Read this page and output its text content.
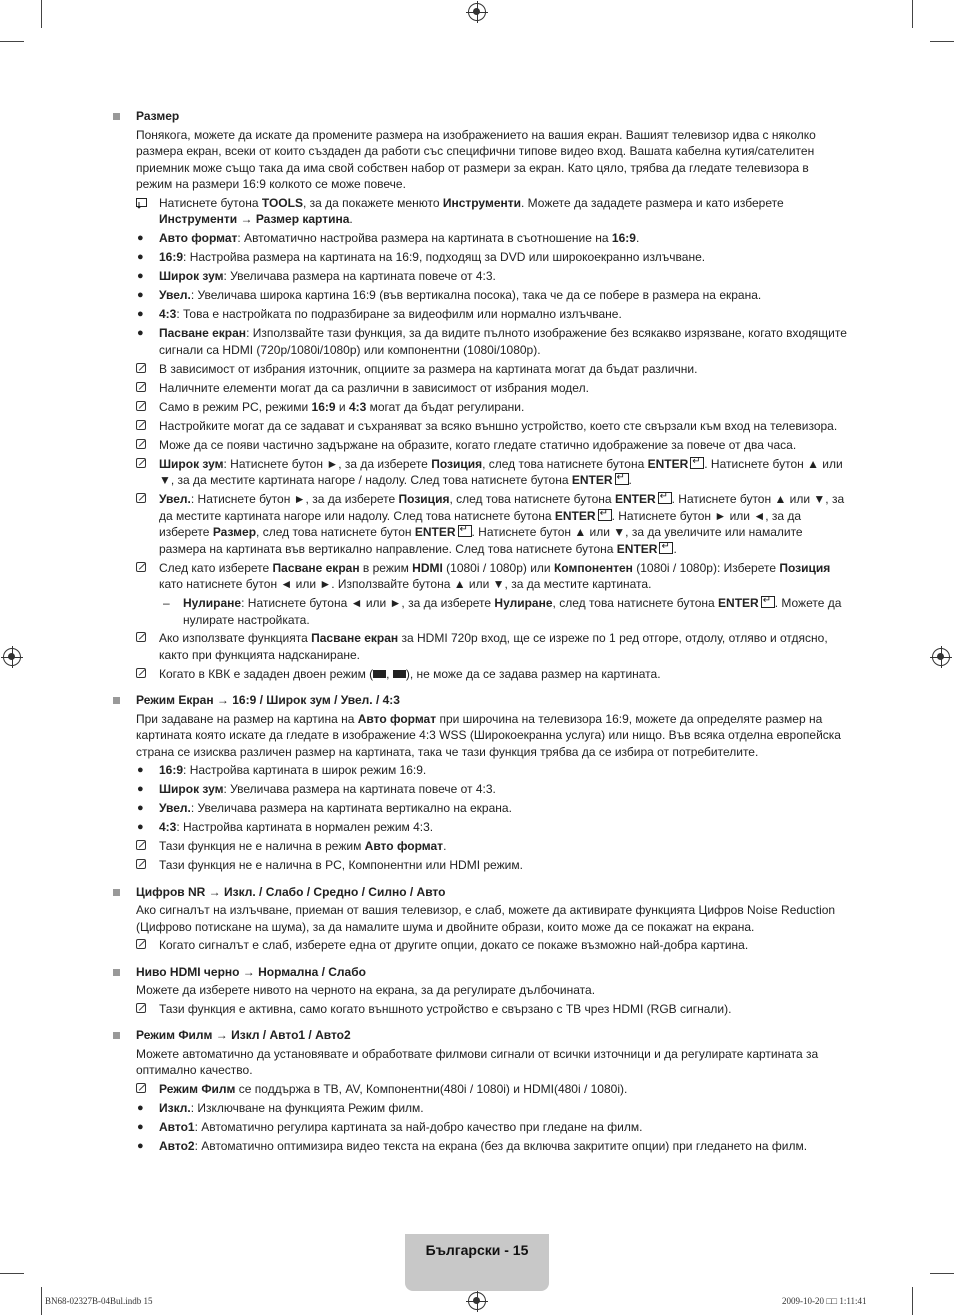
Размер
Понякога, можете да искате да промените размера на изображението на вашия екран. Вашият телевизор идва с няколко размера екран, всеки от които създаден да работи със специфични типове видео вход. Вашата кабелна кутия/сателитен приемник може също така да има свой собствен набор от размери за екран. Като цяло, трябва да гледате телевизора в режим на размери 16:9 колкото се може повече.
Натиснете бутона TOOLS, за да покажете менюто Инструменти. Можете да зададете размера и като изберете Инструменти → Размер картина.
● Авто формат: Автоматично настройва размера на картината в съотношение на 16:9.
● 16:9: Настройва размера на картината на 16:9, подходящ за DVD или широкоекранно излъчване.
● Широк зум: Увеличава размера на картината повече от 4:3.
● Увел.: Увеличава широка картина 16:9 (във вертикална посока), така че да се побере в размера на екрана.
● 4:3: Това е настройката по подразбиране за видеофилм или нормално излъчване.
● Пасване екран: Използвайте тази функция, за да видите пълното изображение без всякакво изрязване, когато входящите сигнали са HDMI (720p/1080i/1080p) или компонентни (1080i/1080p).
В зависимост от избрания източник, опциите за размера на картината могат да бъдат различни.
Наличните елементи могат да са различни в зависимост от избрания модел.
Само в режим PC, режими 16:9 и 4:3 могат да бъдат регулирани.
Настройките могат да се задават и съхраняват за всяко външно устройство, което сте свързали към вход на телевизора.
Може да се появи частично задържане на образите, когато гледате статично идображение за повече от два часа.
Широк зум: Натиснете бутон ►, за да изберете Позиция, след това натиснете бутона ENTER ↵ . Натиснете бутон ▲ или ▼, за да местите картината нагоре / надолу. След това натиснете бутона ENTER ↵ .
Увел.: Натиснете бутон ►, за да изберете Позиция, след това натиснете бутона ENTER ↵ . Натиснете бутон ▲ или ▼, за да местите картината нагоре или надолу. След това натиснете бутона ENTER ↵ . Натиснете бутон ► или ◄, за да изберете Размер, след това натиснете бутон ENTER ↵ . Натиснете бутон ▲ или ▼, за да увеличите или намалите размера на картината във вертикално направление. След това натиснете бутона ENTER ↵ .
След като изберете Пасване екран в режим HDMI (1080i / 1080p) или Компонентен (1080i / 1080p): Изберете Позиция като натиснете бутон ◄ или ►. Използвайте бутона ▲ или ▼, за да местите картината.
– Нулиране: Натиснете бутона ◄ или ►, за да изберете Нулиране, след това натиснете бутона ENTER ↵ . Можете да нулирате настройката.
Ако използвате функцията Пасване екран за HDMI 720p вход, ще се изреже по 1 ред отгоре, отдолу, отляво и отдясно, както при функцията надсканиране.
Когато в КВК е зададен двоен режим ( , ), не може да се задава размер на картината.
Режим Екран → 16:9 / Широк зум / Увел. / 4:3
При задаване на размер на картина на Авто формат при широчина на телевизора 16:9, можете да определяте размер на картината която искате да гледате в изображение 4:3 WSS (Широкоекранна услуга) или нищо. Във всяка отделна европейска страна се изисква различен размер на картината, така че тази функция трябва да се избира от потребителите.
● 16:9: Настройва картината в широк режим 16:9.
● Широк зум: Увеличава размера на картината повече от 4:3.
● Увел.: Увеличава размера на картината вертикално на екрана.
● 4:3: Настройва картината в нормален режим 4:3.
Тази функция не е налична в режим Авто формат.
Тази функция не е налична в PC, Компонентни или HDMI режим.
Цифров NR → Изкл. / Слабо / Средно / Силно / Авто
Ако сигналът на излъчване, приеман от вашия телевизор, е слаб, можете да активирате функцията Цифров Noise Reduction (Цифрово потискане на шума), за да намалите шума и двойните образи, които може да се покажат на екрана.
Когато сигналът е слаб, изберете една от другите опции, докато се покаже възможно най-добра картина.
Ниво HDMI черно → Нормална / Слабо
Можете да изберете нивото на черното на екрана, за да регулирате дълбочината.
Тази функция е активна, само когато външното устройство е свързано с ТВ чрез HDMI (RGB сигнали).
Режим Филм → Изкл / Авто1 / Авто2
Можете автоматично да установявате и обработвате филмови сигнали от всички източници и да регулирате картината за оптимално качество.
Режим Филм се поддържа в ТВ, AV, Компонентни(480i / 1080i) и HDMI(480i / 1080i).
● Изкл.: Изключване на функцията Режим филм.
● Авто1: Автоматично регулира картината за най-добро качество при гледане на филм.
● Авто2: Автоматично оптимизира видео текста на екрана (без да включва закритите опции) при гледането на филм.
Български - 15
BN68-02327B-04Bul.indb 15	2009-10-20 □□ 1:11:41
